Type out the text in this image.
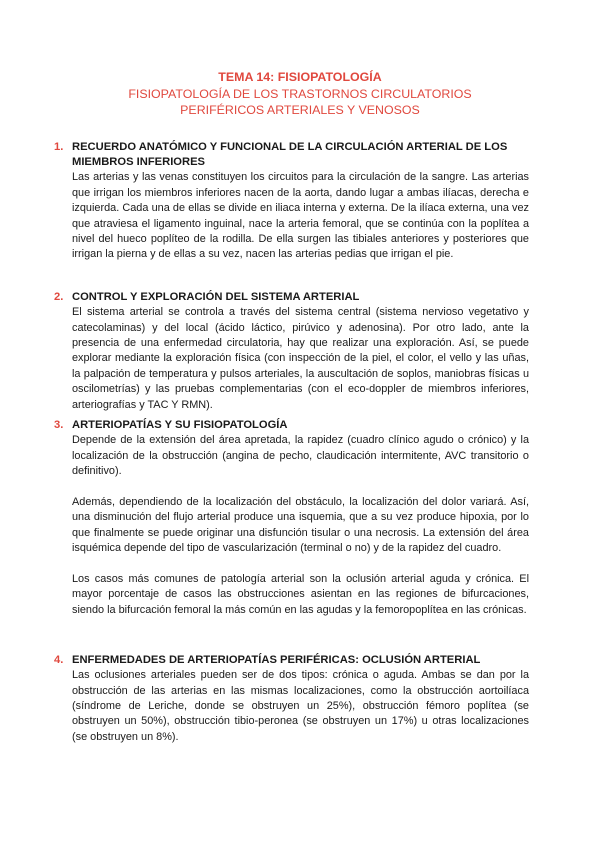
TEMA 14: FISIOPATOLOGÍA
FISIOPATOLOGÍA DE LOS TRASTORNOS CIRCULATORIOS
PERIFÉRICOS ARTERIALES Y VENOSOS
1. RECUERDO ANATÓMICO Y FUNCIONAL DE LA CIRCULACIÓN ARTERIAL DE LOS MIEMBROS INFERIORES

Las arterias y las venas constituyen los circuitos para la circulación de la sangre. Las arterias que irrigan los miembros inferiores nacen de la aorta, dando lugar a ambas ilíacas, derecha e izquierda. Cada una de ellas se divide en iliaca interna y externa. De la ilíaca externa, una vez que atraviesa el ligamento inguinal, nace la arteria femoral, que se continúa con la poplítea a nivel del hueco poplíteo de la rodilla. De ella surgen las tibiales anteriores y posteriores que irrigan la pierna y de ellas a su vez, nacen las arterias pedias que irrigan el pie.

2. CONTROL Y EXPLORACIÓN DEL SISTEMA ARTERIAL

El sistema arterial se controla a través del sistema central (sistema nervioso vegetativo y catecolaminas) y del local (ácido láctico, pirúvico y adenosina). Por otro lado, ante la presencia de una enfermedad circulatoria, hay que realizar una exploración. Así, se puede explorar mediante la exploración física (con inspección de la piel, el color, el vello y las uñas, la palpación de temperatura y pulsos arteriales, la auscultación de soplos, maniobras físicas u oscilometrías) y las pruebas complementarias (con el eco-doppler de miembros inferiores, arteriografías y TAC Y RMN).

3. ARTERIOPATÍAS Y SU FISIOPATOLOGÍA

Depende de la extensión del área apretada, la rapidez (cuadro clínico agudo o crónico) y la localización de la obstrucción (angina de pecho, claudicación intermitente, AVC transitorio o definitivo).

Además, dependiendo de la localización del obstáculo, la localización del dolor variará. Así, una disminución del flujo arterial produce una isquemia, que a su vez produce hipoxia, por lo que finalmente se puede originar una disfunción tisular o una necrosis. La extensión del área isquémica depende del tipo de vascularización (terminal o no) y de la rapidez del cuadro.

Los casos más comunes de patología arterial son la oclusión arterial aguda y crónica. El mayor porcentaje de casos las obstrucciones asientan en las regiones de bifurcaciones, siendo la bifurcación femoral la más común en las agudas y la femoropoplítea en las crónicas.

4. ENFERMEDADES DE ARTERIOPATÍAS PERIFÉRICAS: OCLUSIÓN ARTERIAL

Las oclusiones arteriales pueden ser de dos tipos: crónica o aguda. Ambas se dan por la obstrucción de las arterias en las mismas localizaciones, como la obstrucción aortoilíaca (síndrome de Leriche, donde se obstruyen un 25%), obstrucción fémoro poplítea (se obstruyen un 50%), obstrucción tibio-peronea (se obstruyen un 17%) u otras localizaciones (se obstruyen un 8%).
